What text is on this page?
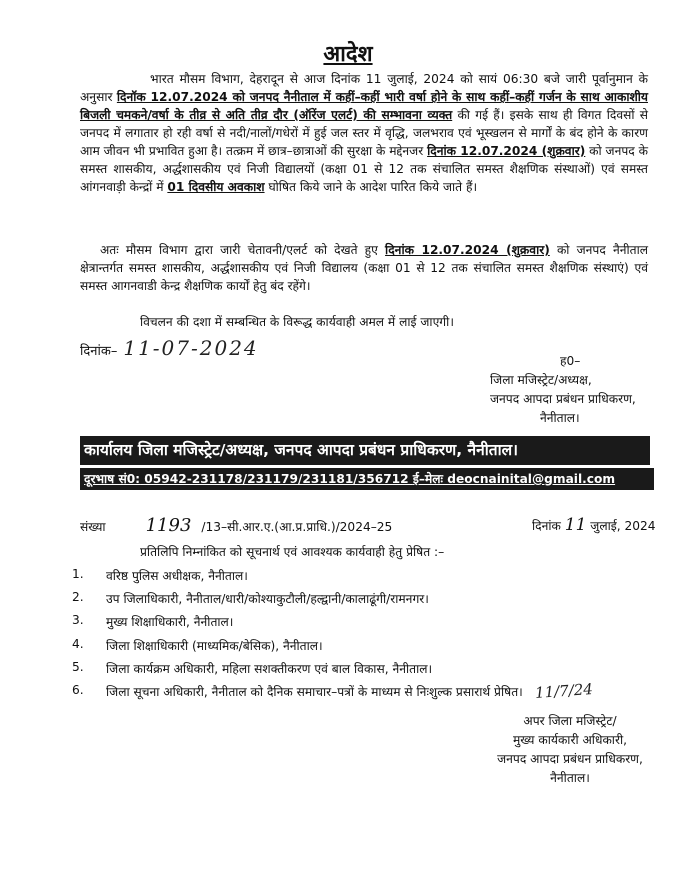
आदेश

भारत मौसम विभाग, देहरादून से आज दिनांक 11 जुलाई, 2024 को सायं 06:30 बजे जारी पूर्वानुमान के अनुसार दिनॉक 12.07.2024 को जनपद नैनीताल में कहीं–कहीं भारी वर्षा होने के साथ कहीं–कहीं गर्जन के साथ आकाशीय बिजली चमकने/वर्षा के तीव्र से अति तीव्र दौर (ऑरेंज एलर्ट) की सम्भावना व्यक्त की गई हैं। इसके साथ ही विगत दिवसों से जनपद में लगातार हो रही वर्षा से नदी/नालों/गधेरों में हुई जल स्तर में वृद्धि, जलभराव एवं भूस्खलन से मार्गों के बंद होने के कारण आम जीवन भी प्रभावित हुआ है। तत्क्रम में छात्र–छात्राओं की सुरक्षा के मद्देनजर दिनांक 12.07.2024 (शुक्रवार) को जनपद के समस्त शासकीय, अर्द्धशासकीय एवं निजी विद्यालयों (कक्षा 01 से 12 तक संचालित समस्त शैक्षणिक संस्थाओं) एवं समस्त आंगनवाड़ी केन्द्रों में 01 दिवसीय अवकाश घोषित किये जाने के आदेश पारित किये जाते हैं।

अतः मौसम विभाग द्वारा जारी चेतावनी/एलर्ट को देखते हुए दिनांक 12.07.2024 (शुक्रवार) को जनपद नैनीताल क्षेत्रान्तर्गत समस्त शासकीय, अर्द्धशासकीय एवं निजी विद्यालय (कक्षा 01 से 12 तक संचालित समस्त शैक्षणिक संस्थाएं) एवं समस्त आगनवाडी केन्द्र शैक्षणिक कार्यों हेतु बंद रहेंगे।

विचलन की दशा में सम्बन्धित के विरूद्ध कार्यवाही अमल में लाई जाएगी।

दिनांक– 11-07-2024
ह0–
जिला मजिस्ट्रेट/अध्यक्ष,
जनपद आपदा प्रबंधन प्राधिकरण,
नैनीताल।
कार्यालय जिला मजिस्ट्रेट/अध्यक्ष, जनपद आपदा प्रबंधन प्राधिकरण, नैनीताल।
दूरभाष सं0: 05942-231178/231179/231181/356712 ई–मेलः deocnainital@gmail.com
संख्या 1193 /13–सी.आर.ए.(आ.प्र.प्राधि.)/2024–25	दिनांक 11 जुलाई, 2024
प्रतिलिपि निम्नांकित को सूचनार्थ एवं आवश्यक कार्यवाही हेतु प्रेषित :–
1.	वरिष्ठ पुलिस अधीक्षक, नैनीताल।
2.	उप जिलाधिकारी, नैनीताल/धारी/कोश्याकुटौली/हल्द्वानी/कालाढूंगी/रामनगर।
3.	मुख्य शिक्षाधिकारी, नैनीताल।
4.	जिला शिक्षाधिकारी (माध्यमिक/बेसिक), नैनीताल।
5.	जिला कार्यक्रम अधिकारी, महिला सशक्तीकरण एवं बाल विकास, नैनीताल।
6.	जिला सूचना अधिकारी, नैनीताल को दैनिक समाचार–पत्रों के माध्यम से निःशुल्क प्रसारार्थ प्रेषित। 11/7/24
अपर जिला मजिस्ट्रेट/
मुख्य कार्यकारी अधिकारी,
जनपद आपदा प्रबंधन प्राधिकरण,
नैनीताल।
